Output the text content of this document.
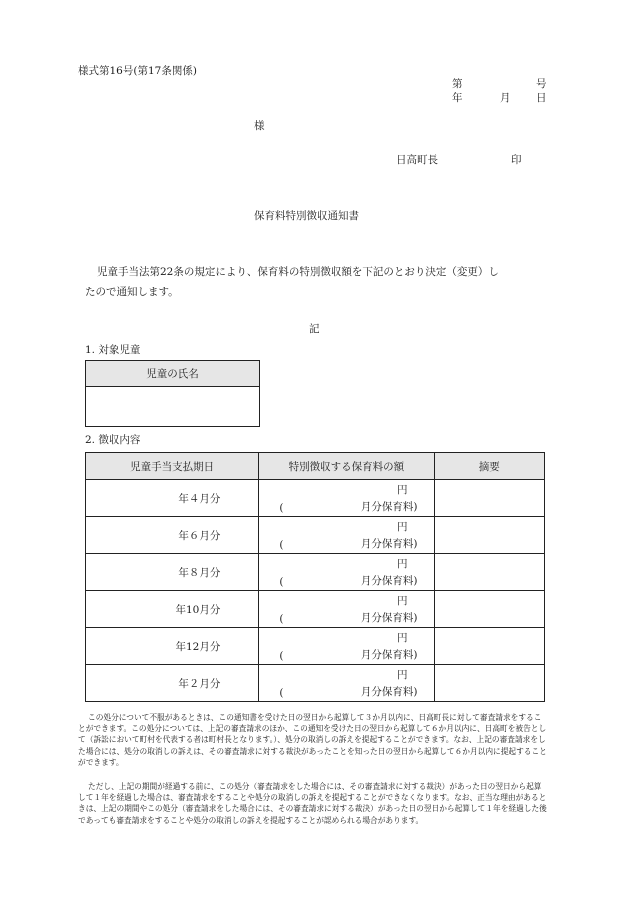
様式第16号(第17条関係)
第	号
年	月 日
様
日高町長	印
保育料特別徴収通知書
児童手当法第22条の規定により、保育料の特別徴収額を下記のとおり決定（変更）し
たので通知します。
記
1. 対象児童
児童の氏名

2. 徴収内容
児童手当支払期日	特別徴収する保育料の額	摘要
年４月分	円
( 月分保育料)	

年６月分	円
( 月分保育料)	

年８月分	円
( 月分保育料)	

年10月分	円
( 月分保育料)	

年12月分	円
( 月分保育料)	

年２月分	円
( 月分保育料)	

この処分について不服があるときは、この通知書を受けた日の翌日から起算して３か月以内に、日高町長に対して審査請求をすることができます。この処分については、上記の審査請求のほか、この通知を受けた日の翌日から起算して６か月以内に、日高町を被告として（訴訟において町村を代表する者は町村長となります。）、処分の取消しの訴えを提起することができます。なお、上記の審査請求をした場合には、処分の取消しの訴えは、その審査請求に対する裁決があったことを知った日の翌日から起算して６か月以内に提起することができます。
ただし、上記の期間が経過する前に、この処分（審査請求をした場合には、その審査請求に対する裁決）があった日の翌日から起算して１年を経過した場合は、審査請求をすることや処分の取消しの訴えを提起することができなくなります。なお、正当な理由があるときは、上記の期間やこの処分（審査請求をした場合には、その審査請求に対する裁決）があった日の翌日から起算して１年を経過した後であっても審査請求をすることや処分の取消しの訴えを提起することが認められる場合があります。
